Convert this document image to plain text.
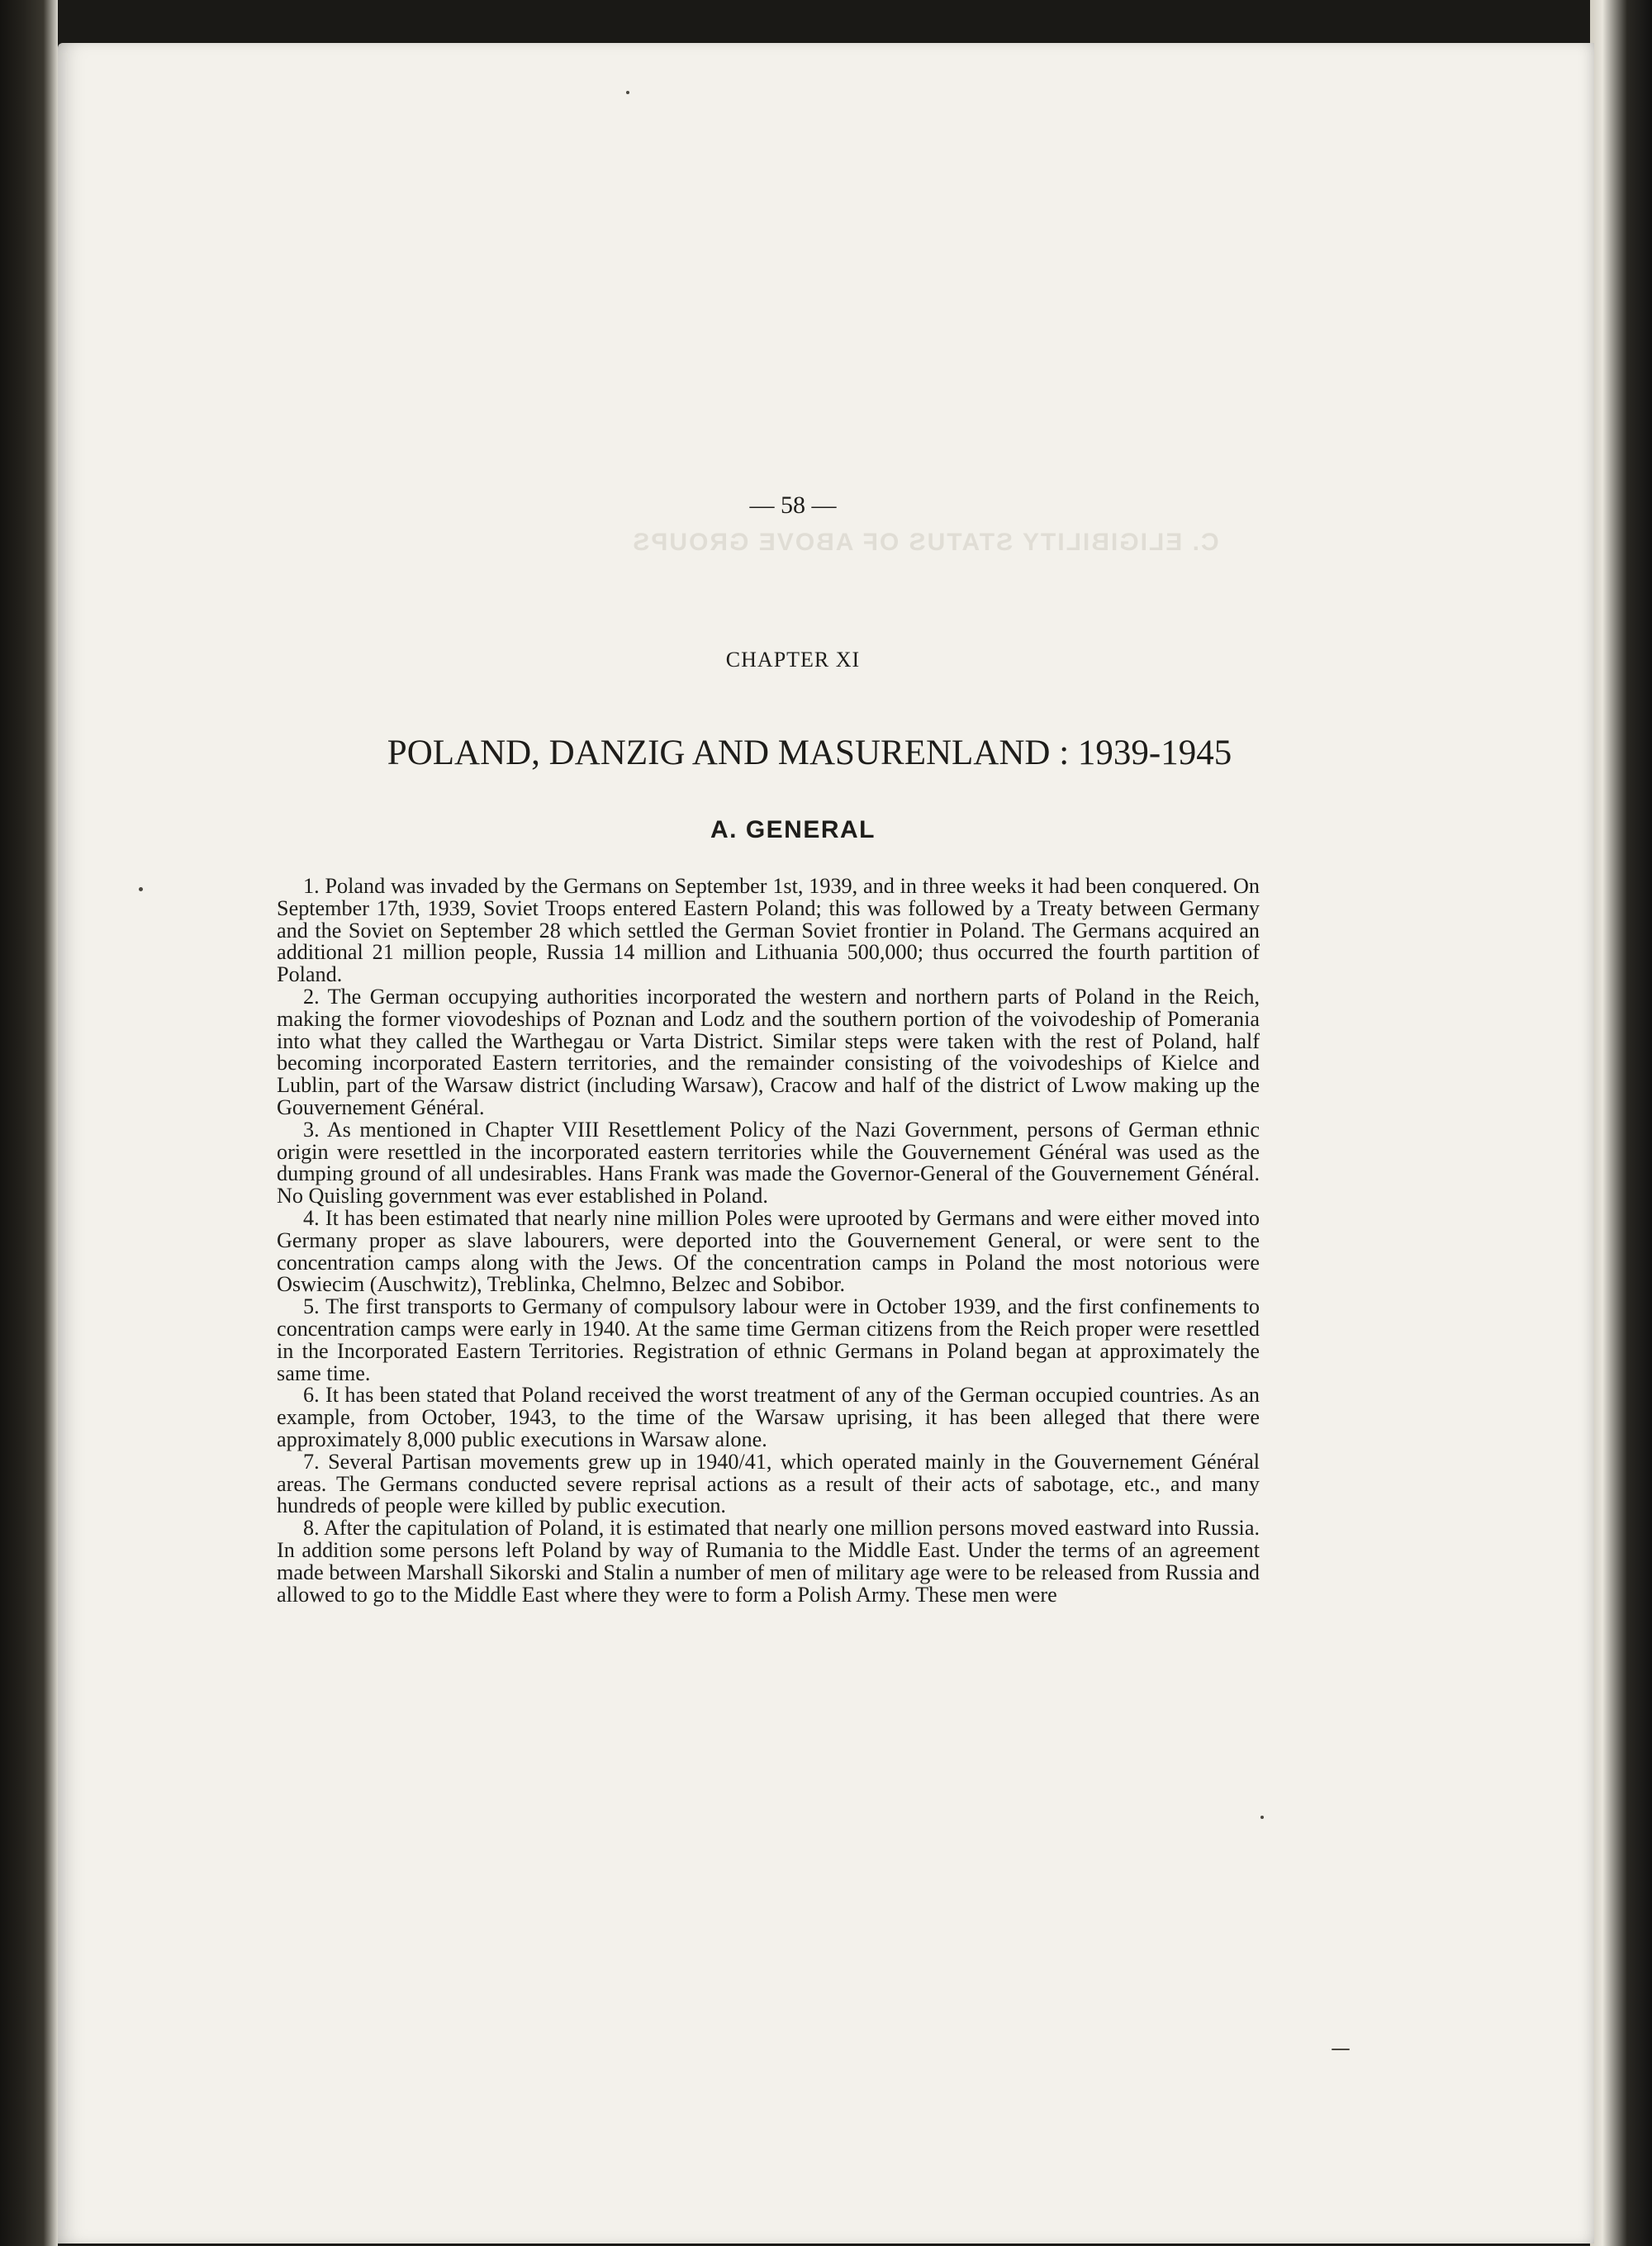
C. ELIGIBILITY STATUS OF ABOVE GROUPS
— 58 —
CHAPTER XI
POLAND, DANZIG AND MASURENLAND : 1939-1945
A. GENERAL

1. Poland was invaded by the Germans on September 1st, 1939, and in three weeks it had been conquered. On September 17th, 1939, Soviet Troops entered Eastern Poland; this was followed by a Treaty between Germany and the Soviet on September 28 which settled the German Soviet frontier in Poland. The Germans acquired an additional 21 million people, Russia 14 million and Lithuania 500,000; thus occurred the fourth partition of Poland.

2. The German occupying authorities incorporated the western and northern parts of Poland in the Reich, making the former viovodeships of Poznan and Lodz and the southern portion of the voivodeship of Pomerania into what they called the Warthegau or Varta District. Similar steps were taken with the rest of Poland, half becoming incorporated Eastern territories, and the remainder consisting of the voivodeships of Kielce and Lublin, part of the Warsaw district (including Warsaw), Cracow and half of the district of Lwow making up the Gouvernement Général.

3. As mentioned in Chapter VIII Resettlement Policy of the Nazi Government, persons of German ethnic origin were resettled in the incorporated eastern territories while the Gouvernement Général was used as the dumping ground of all undesirables. Hans Frank was made the Governor-General of the Gouvernement Général. No Quisling government was ever established in Poland.

4. It has been estimated that nearly nine million Poles were uprooted by Germans and were either moved into Germany proper as slave labourers, were deported into the Gouvernement General, or were sent to the concentration camps along with the Jews. Of the concentration camps in Poland the most notorious were Oswiecim (Auschwitz), Treblinka, Chelmno, Belzec and Sobibor.

5. The first transports to Germany of compulsory labour were in October 1939, and the first confinements to concentration camps were early in 1940. At the same time German citizens from the Reich proper were resettled in the Incorporated Eastern Territories. Registration of ethnic Germans in Poland began at approximately the same time.

6. It has been stated that Poland received the worst treatment of any of the German occupied countries. As an example, from October, 1943, to the time of the Warsaw uprising, it has been alleged that there were approximately 8,000 public executions in Warsaw alone.

7. Several Partisan movements grew up in 1940/41, which operated mainly in the Gouvernement Général areas. The Germans conducted severe reprisal actions as a result of their acts of sabotage, etc., and many hundreds of people were killed by public execution.

8. After the capitulation of Poland, it is estimated that nearly one million persons moved eastward into Russia. In addition some persons left Poland by way of Rumania to the Middle East. Under the terms of an agreement made between Marshall Sikorski and Stalin a number of men of military age were to be released from Russia and allowed to go to the Middle East where they were to form a Polish Army. These men were
